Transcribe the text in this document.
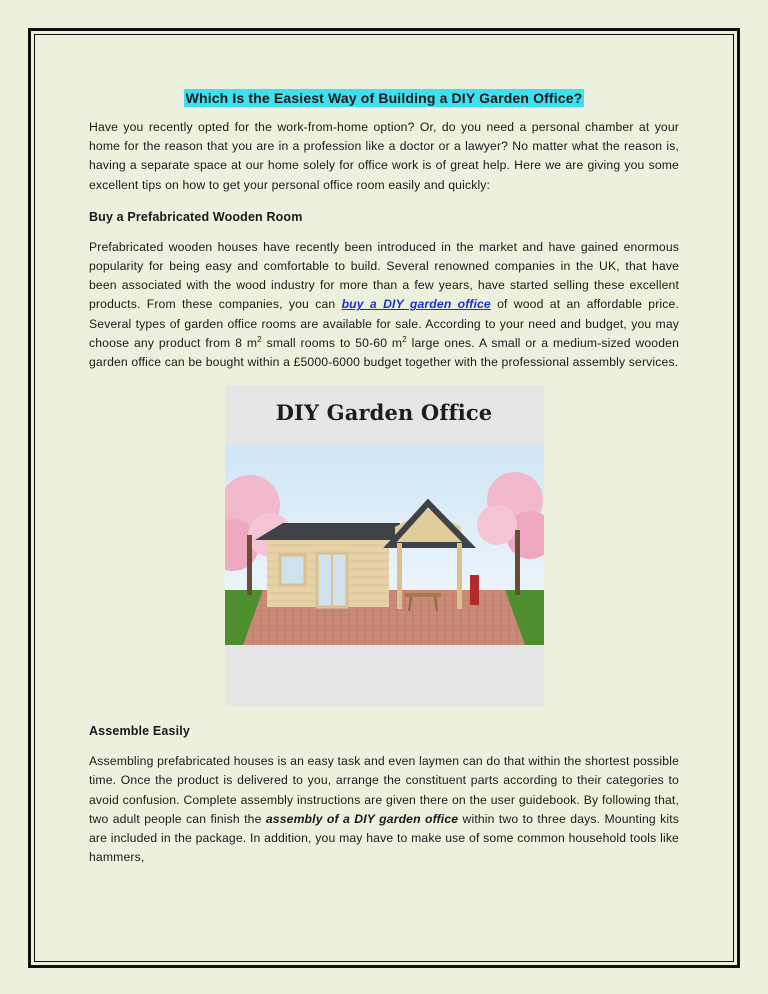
Which Is the Easiest Way of Building a DIY Garden Office?

Have you recently opted for the work-from-home option? Or, do you need a personal chamber at your home for the reason that you are in a profession like a doctor or a lawyer? No matter what the reason is, having a separate space at our home solely for office work is of great help. Here we are giving you some excellent tips on how to get your personal office room easily and quickly:

Buy a Prefabricated Wooden Room

Prefabricated wooden houses have recently been introduced in the market and have gained enormous popularity for being easy and comfortable to build. Several renowned companies in the UK, that have been associated with the wood industry for more than a few years, have started selling these excellent products. From these companies, you can buy a DIY garden office of wood at an affordable price. Several types of garden office rooms are available for sale. According to your need and budget, you may choose any product from 8 $m^2$ small rooms to 50-60 $m^2$ large ones. A small or a medium-sized wooden garden office can be bought within a £5000-6000 budget together with the professional assembly services.

DIY Garden Office
Assemble Easily

Assembling prefabricated houses is an easy task and even laymen can do that within the shortest possible time. Once the product is delivered to you, arrange the constituent parts according to their categories to avoid confusion. Complete assembly instructions are given there on the user guidebook. By following that, two adult people can finish the assembly of a DIY garden office within two to three days. Mounting kits are included in the package. In addition, you may have to make use of some common household tools like hammers,
